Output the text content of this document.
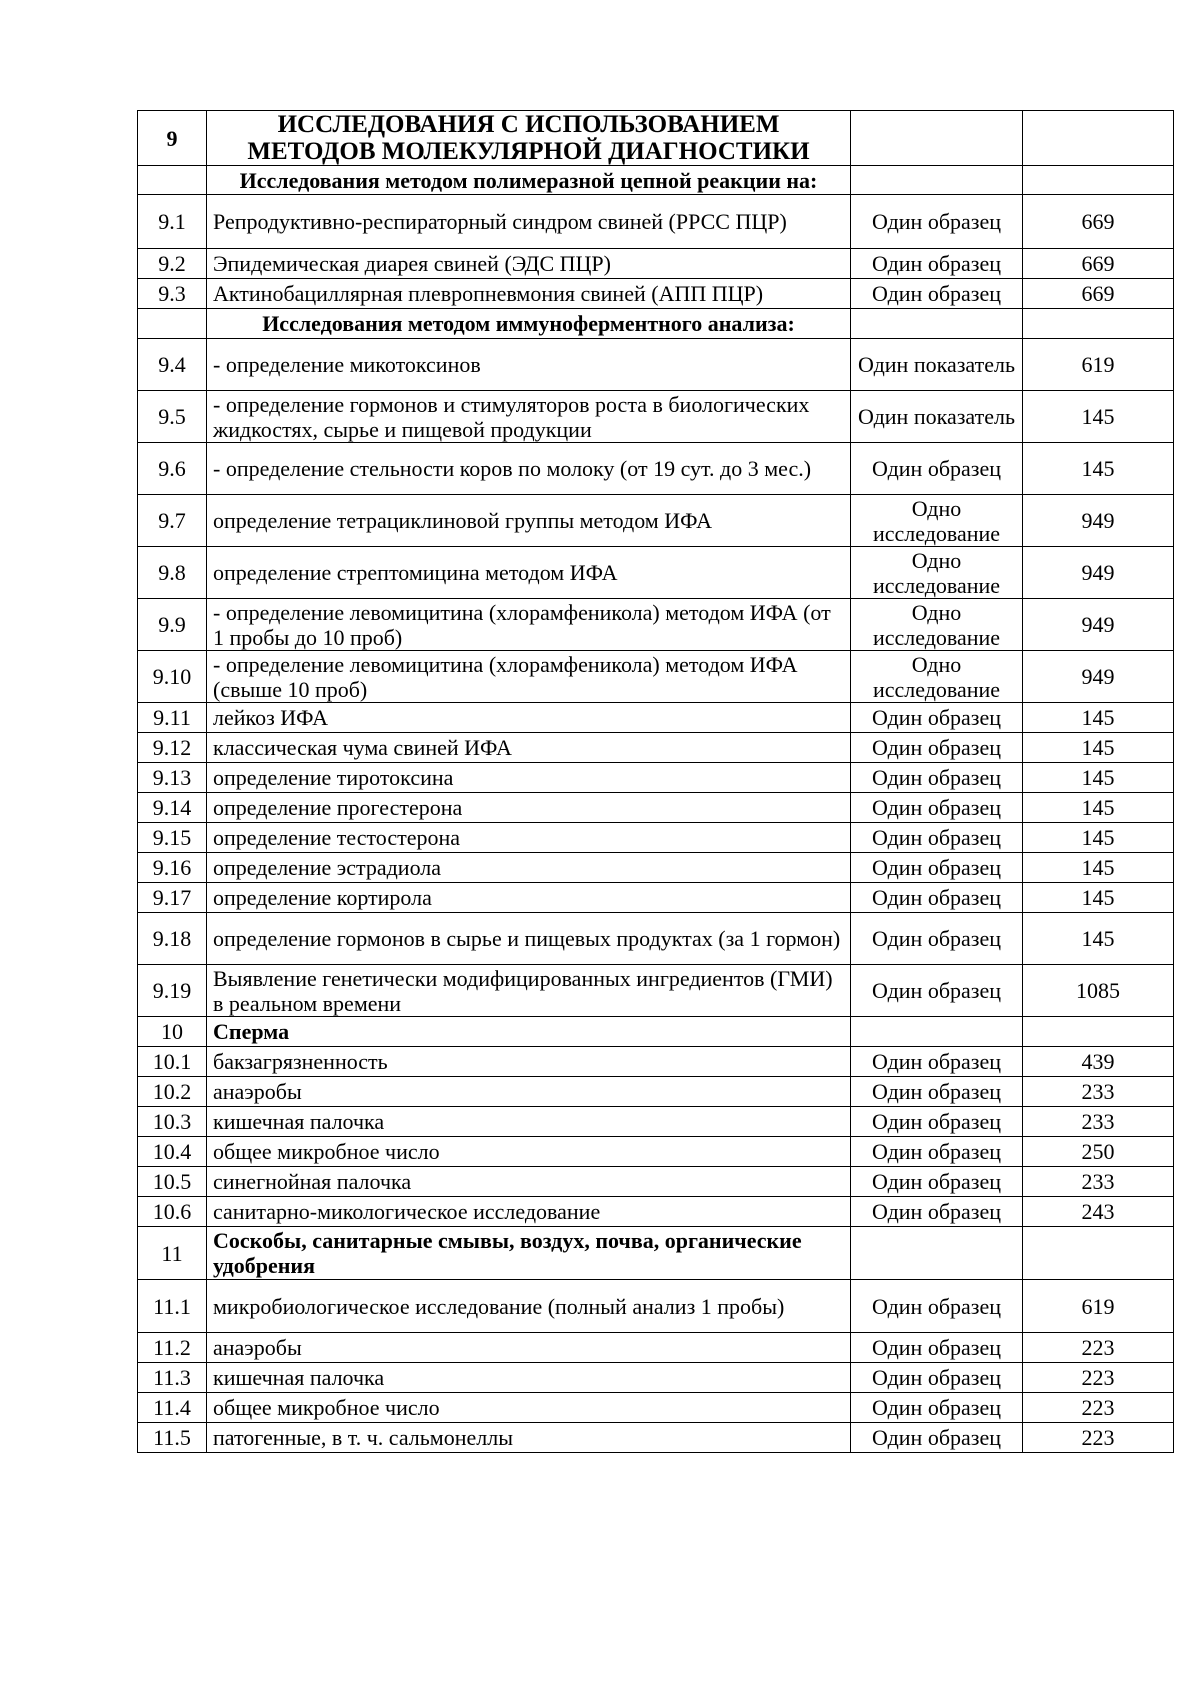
9	ИССЛЕДОВАНИЯ С ИСПОЛЬЗОВАНИЕМ МЕТОДОВ МОЛЕКУЛЯРНОЙ ДИАГНОСТИКИ		
	Исследования методом полимеразной цепной реакции на:		
9.1	Репродуктивно-респираторный синдром свиней (РРСС ПЦР)	Один образец	669
9.2	Эпидемическая диарея свиней (ЭДС ПЦР)	Один образец	669
9.3	Актинобациллярная плевропневмония свиней (АПП ПЦР)	Один образец	669
	Исследования методом иммуноферментного анализа:		
9.4	- определение микотоксинов	Один показатель	619
9.5	- определение гормонов и стимуляторов роста в биологических жидкостях, сырье и пищевой продукции	Один показатель	145
9.6	- определение стельности коров по молоку (от 19 сут. до 3 мес.)	Один образец	145
9.7	определение тетрациклиновой группы методом ИФА	Одно исследование	949
9.8	определение стрептомицина методом ИФА	Одно исследование	949
9.9	- определение левомицитина (хлорамфеникола) методом ИФА (от 1 пробы до 10 проб)	Одно исследование	949
9.10	- определение левомицитина (хлорамфеникола) методом ИФА (свыше 10 проб)	Одно исследование	949
9.11	лейкоз ИФА	Один образец	145
9.12	классическая чума свиней ИФА	Один образец	145
9.13	определение тиротоксина	Один образец	145
9.14	определение прогестерона	Один образец	145
9.15	определение тестостерона	Один образец	145
9.16	определение эстрадиола	Один образец	145
9.17	определение кортирола	Один образец	145
9.18	определение гормонов в сырье и пищевых продуктах (за 1 гормон)	Один образец	145
9.19	Выявление генетически модифицированных ингредиентов (ГМИ) в реальном времени	Один образец	1085
10	Сперма		
10.1	бакзагрязненность	Один образец	439
10.2	анаэробы	Один образец	233
10.3	кишечная палочка	Один образец	233
10.4	общее микробное число	Один образец	250
10.5	синегнойная палочка	Один образец	233
10.6	санитарно-микологическое исследование	Один образец	243
11	Соскобы, санитарные смывы, воздух, почва, органические удобрения		
11.1	микробиологическое исследование (полный анализ 1 пробы)	Один образец	619
11.2	анаэробы	Один образец	223
11.3	кишечная палочка	Один образец	223
11.4	общее микробное число	Один образец	223
11.5	патогенные, в т. ч. сальмонеллы	Один образец	223
